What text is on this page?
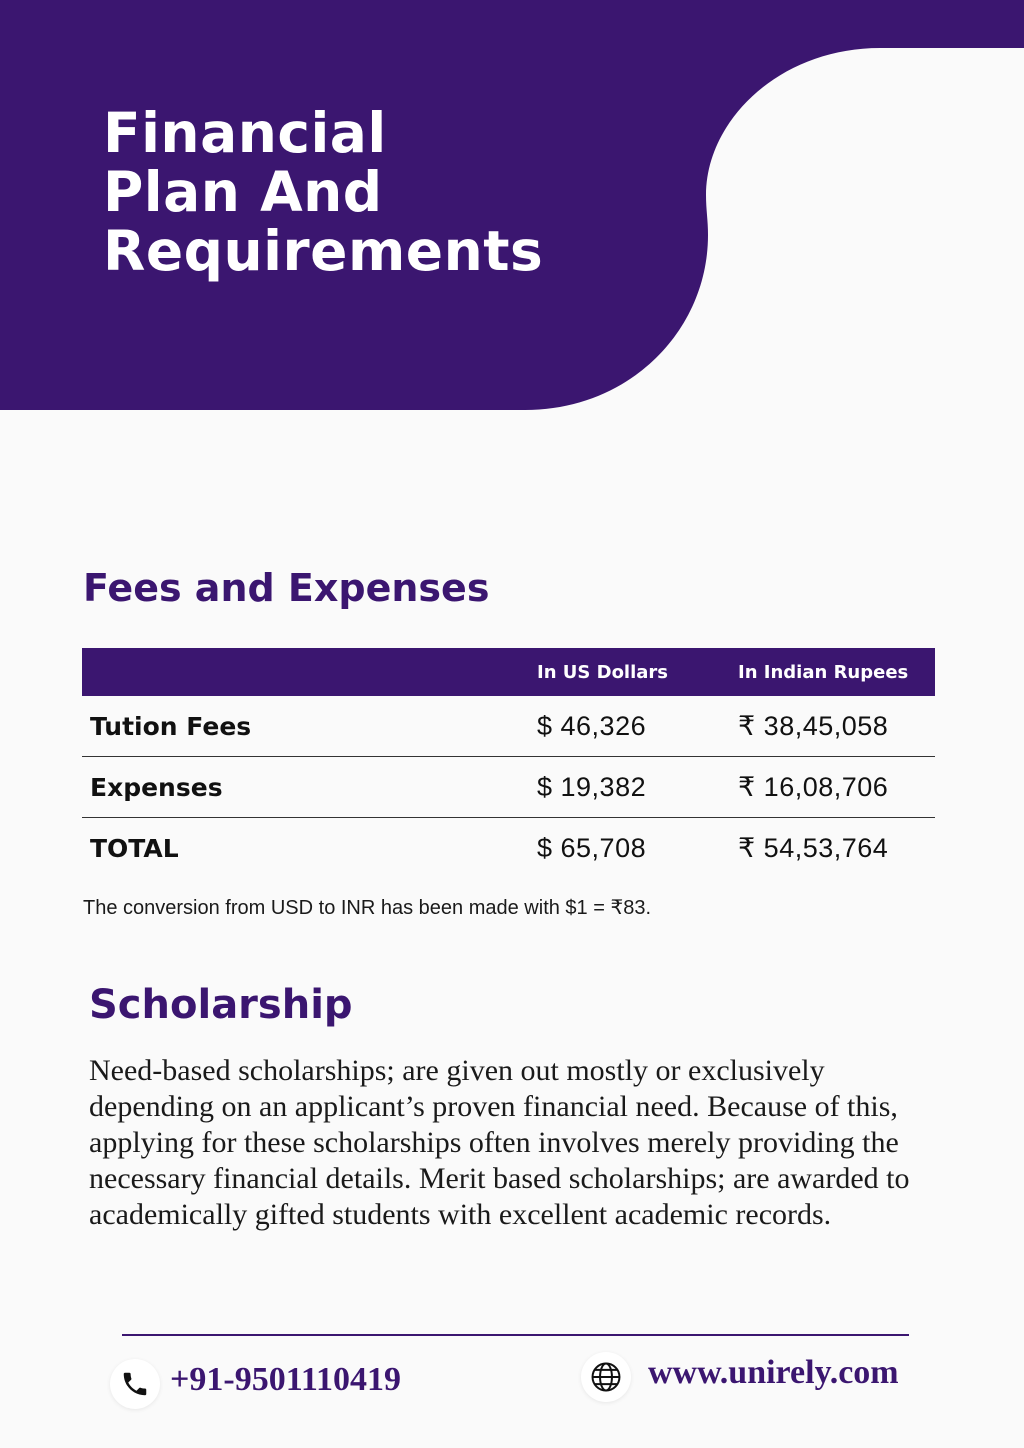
Financial
Plan And
Requirements
Fees and Expenses
	In US Dollars	In Indian Rupees
Tution Fees	$ 46,326	₹ 38,45,058
Expenses	$ 19,382	₹ 16,08,706
TOTAL	$ 65,708	₹ 54,53,764

The conversion from USD to INR has been made with $1 = ₹83.

Scholarship

Need-based scholarships; are given out mostly or exclusively depending on an applicant’s proven financial need. Because of this, applying for these scholarships often involves merely providing the necessary financial details. Merit based scholarships; are awarded to academically gifted students with excellent academic records.

+91-9501110419	www.unirely.com
